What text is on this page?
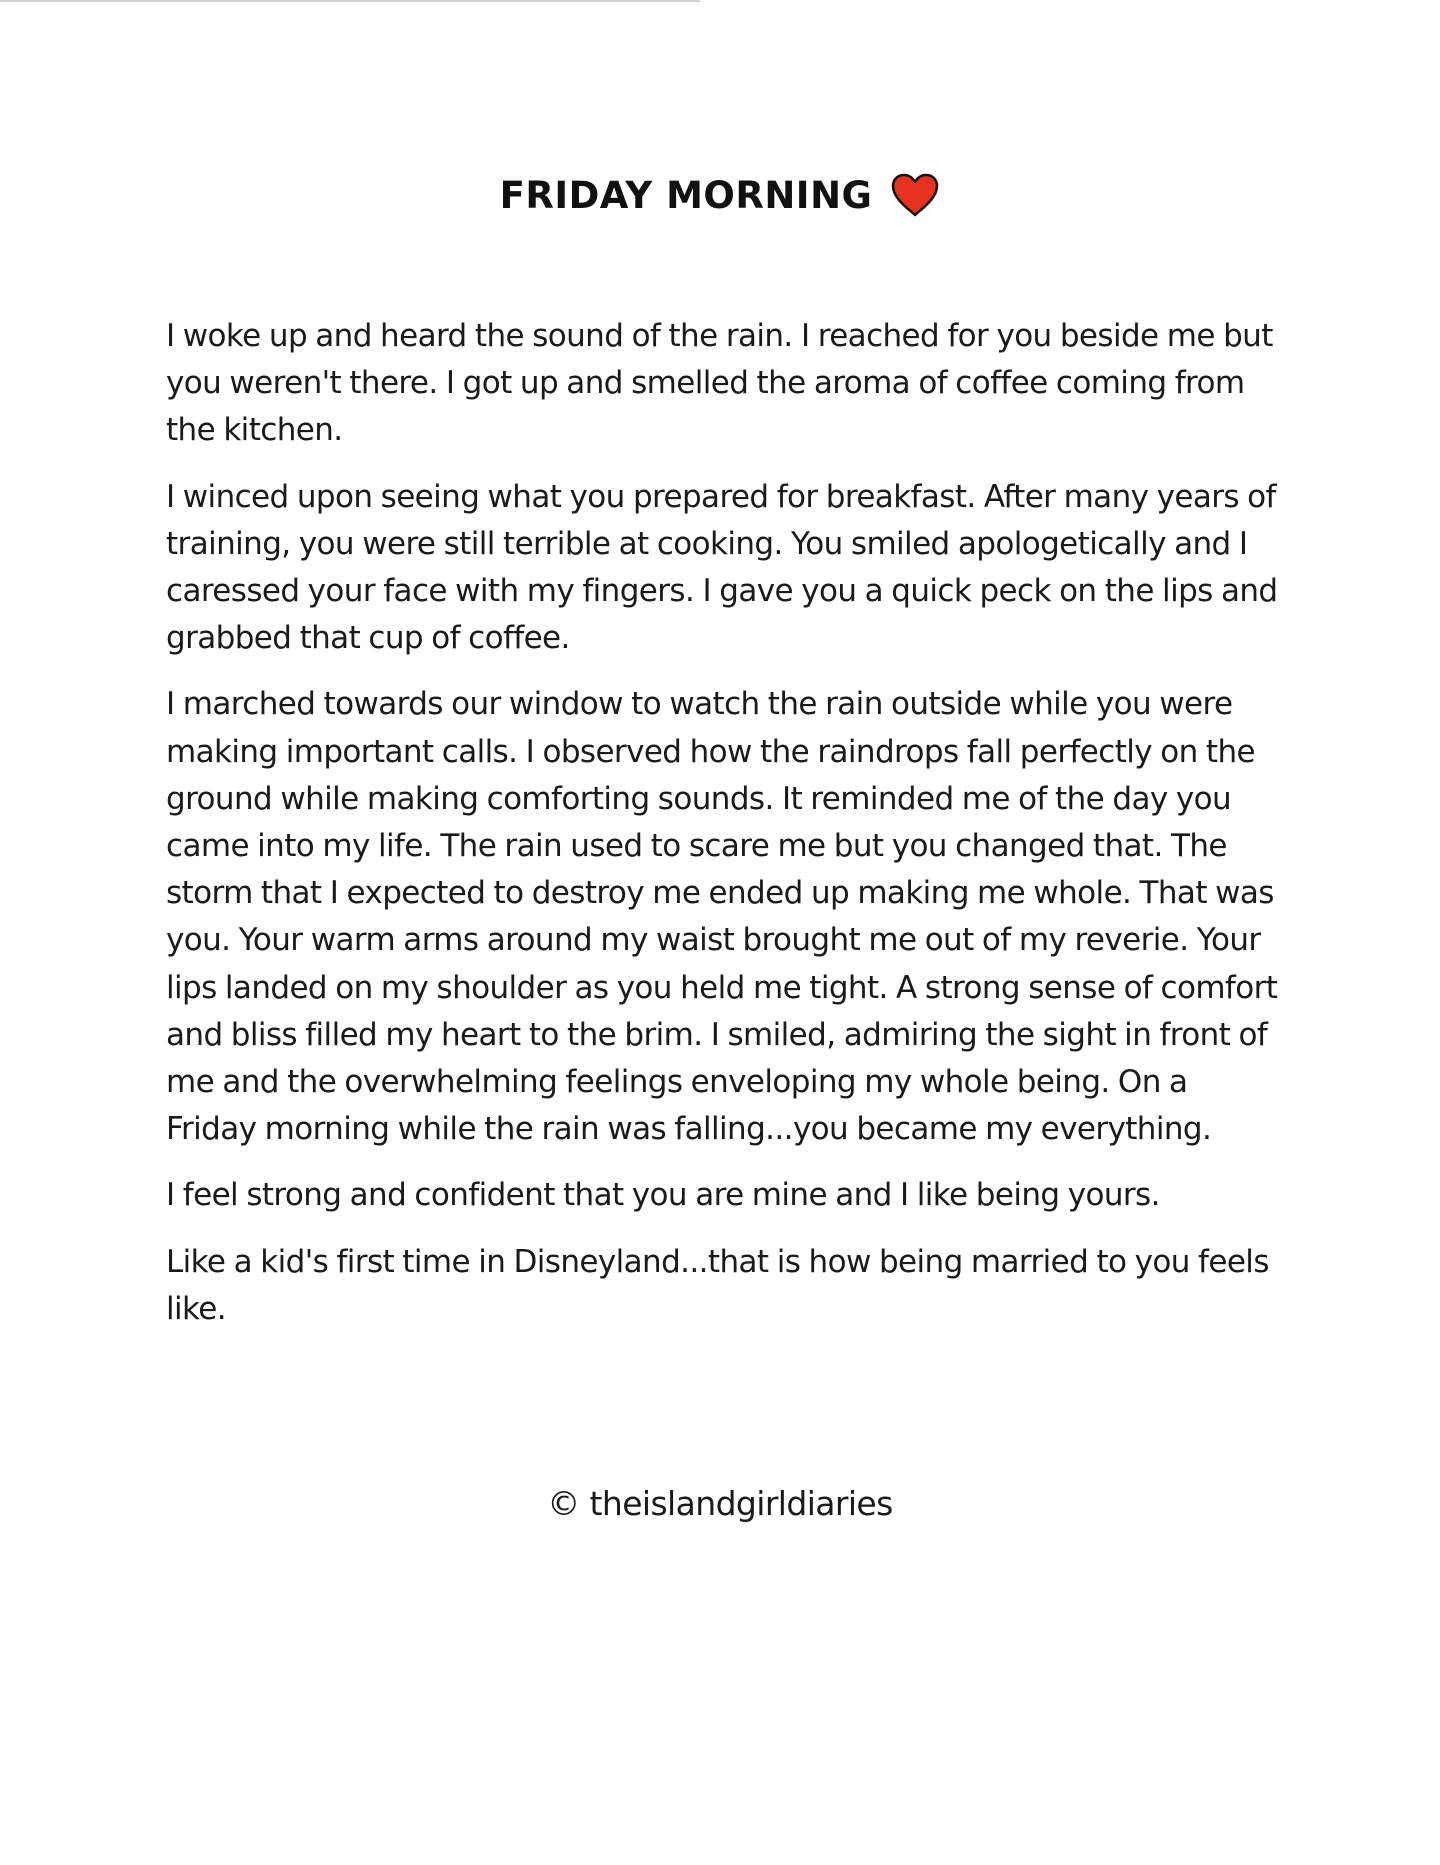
FRIDAY MORNING

I woke up and heard the sound of the rain. I reached for you beside me but you weren't there. I got up and smelled the aroma of coffee coming from the kitchen.

I winced upon seeing what you prepared for breakfast. After many years of training, you were still terrible at cooking. You smiled apologetically and I caressed your face with my fingers. I gave you a quick peck on the lips and grabbed that cup of coffee.

I marched towards our window to watch the rain outside while you were making important calls. I observed how the raindrops fall perfectly on the ground while making comforting sounds. It reminded me of the day you came into my life. The rain used to scare me but you changed that. The storm that I expected to destroy me ended up making me whole. That was you. Your warm arms around my waist brought me out of my reverie. Your lips landed on my shoulder as you held me tight. A strong sense of comfort and bliss filled my heart to the brim. I smiled, admiring the sight in front of me and the overwhelming feelings enveloping my whole being. On a Friday morning while the rain was falling...you became my everything.

I feel strong and confident that you are mine and I like being yours.

Like a kid's first time in Disneyland...that is how being married to you feels like.

© theislandgirldiaries
